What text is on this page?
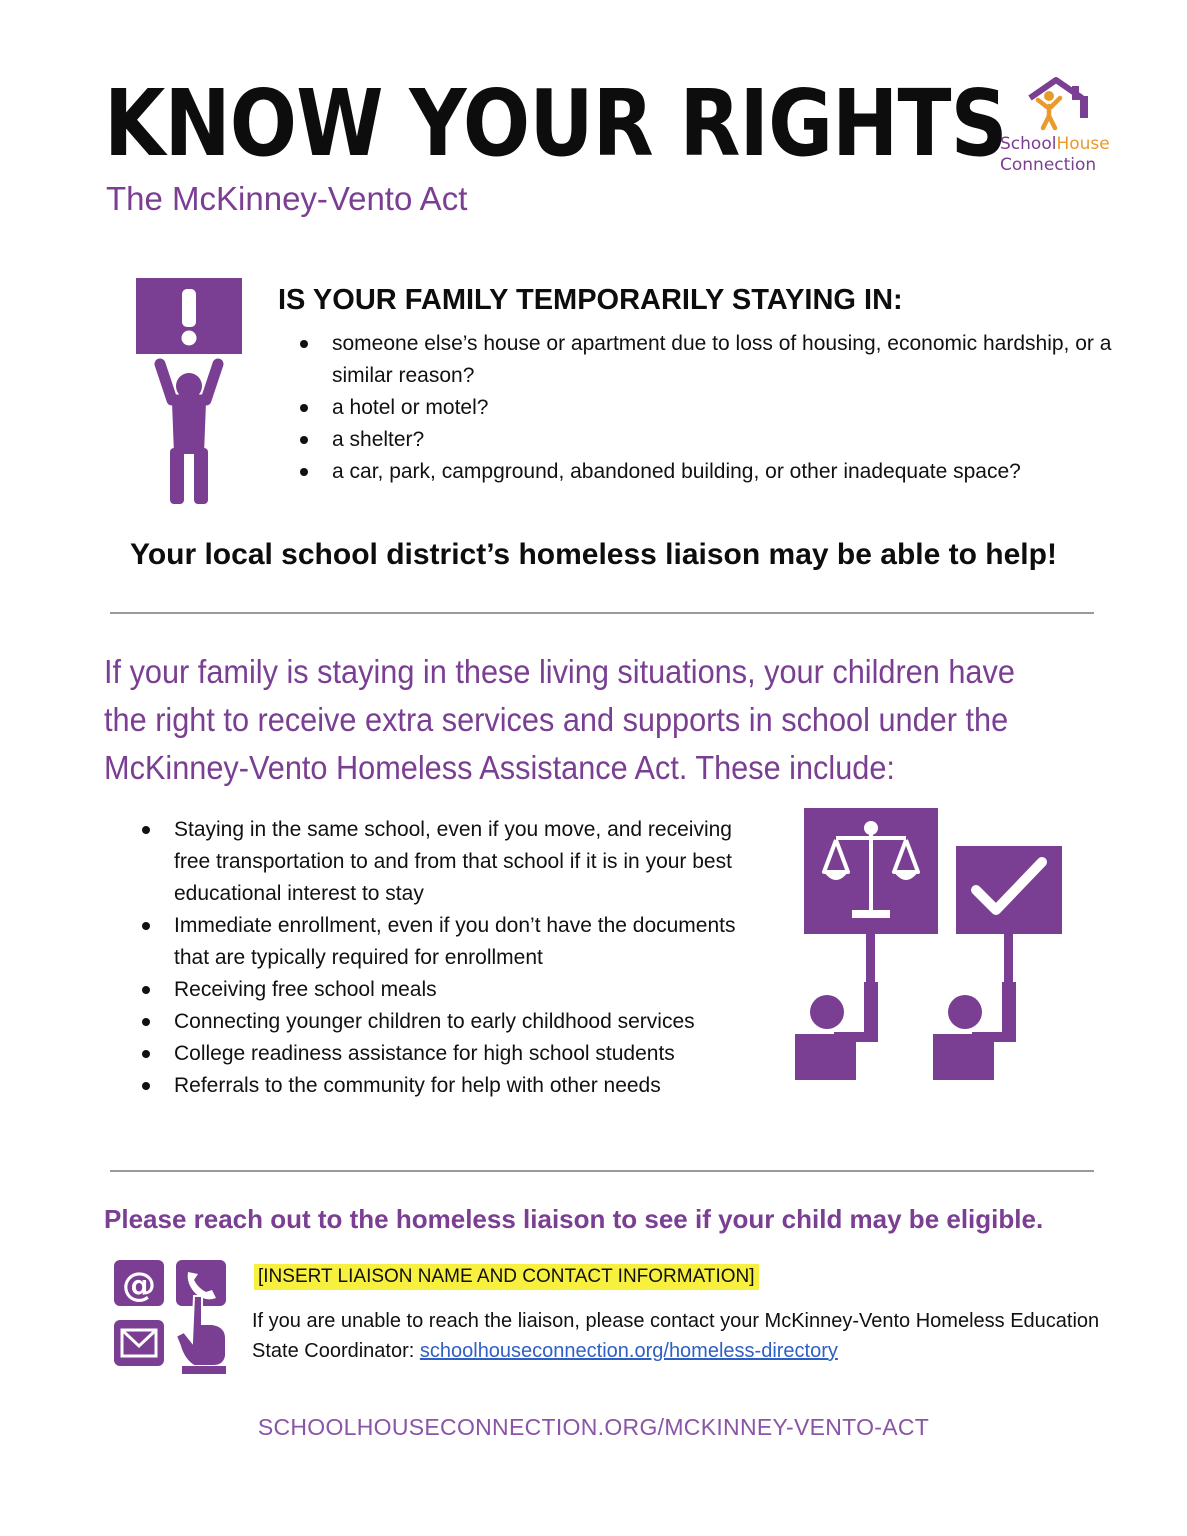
KNOW YOUR RIGHTS
The McKinney-Vento Act
SchoolHouse
Connection
IS YOUR FAMILY TEMPORARILY STAYING IN:
someone else’s house or apartment due to loss of housing, economic hardship, or a similar reason?
a hotel or motel?
a shelter?
a car, park, campground, abandoned building, or other inadequate space?

Your local school district’s homeless liaison may be able to help!

If your family is staying in these living situations, your children have the right to receive extra services and supports in school under the McKinney-Vento Homeless Assistance Act. These include:

Staying in the same school, even if you move, and receiving free transportation to and from that school if it is in your best educational interest to stay
Immediate enrollment, even if you don’t have the documents that are typically required for enrollment
Receiving free school meals
Connecting younger children to early childhood services
College readiness assistance for high school students
Referrals to the community for help with other needs

Please reach out to the homeless liaison to see if your child may be eligible.

@	[INSERT LIAISON NAME AND CONTACT INFORMATION]
If you are unable to reach the liaison, please contact your McKinney-Vento Homeless Education State Coordinator: schoolhouseconnection.org/homeless-directory
SCHOOLHOUSECONNECTION.ORG/MCKINNEY-VENTO-ACT
